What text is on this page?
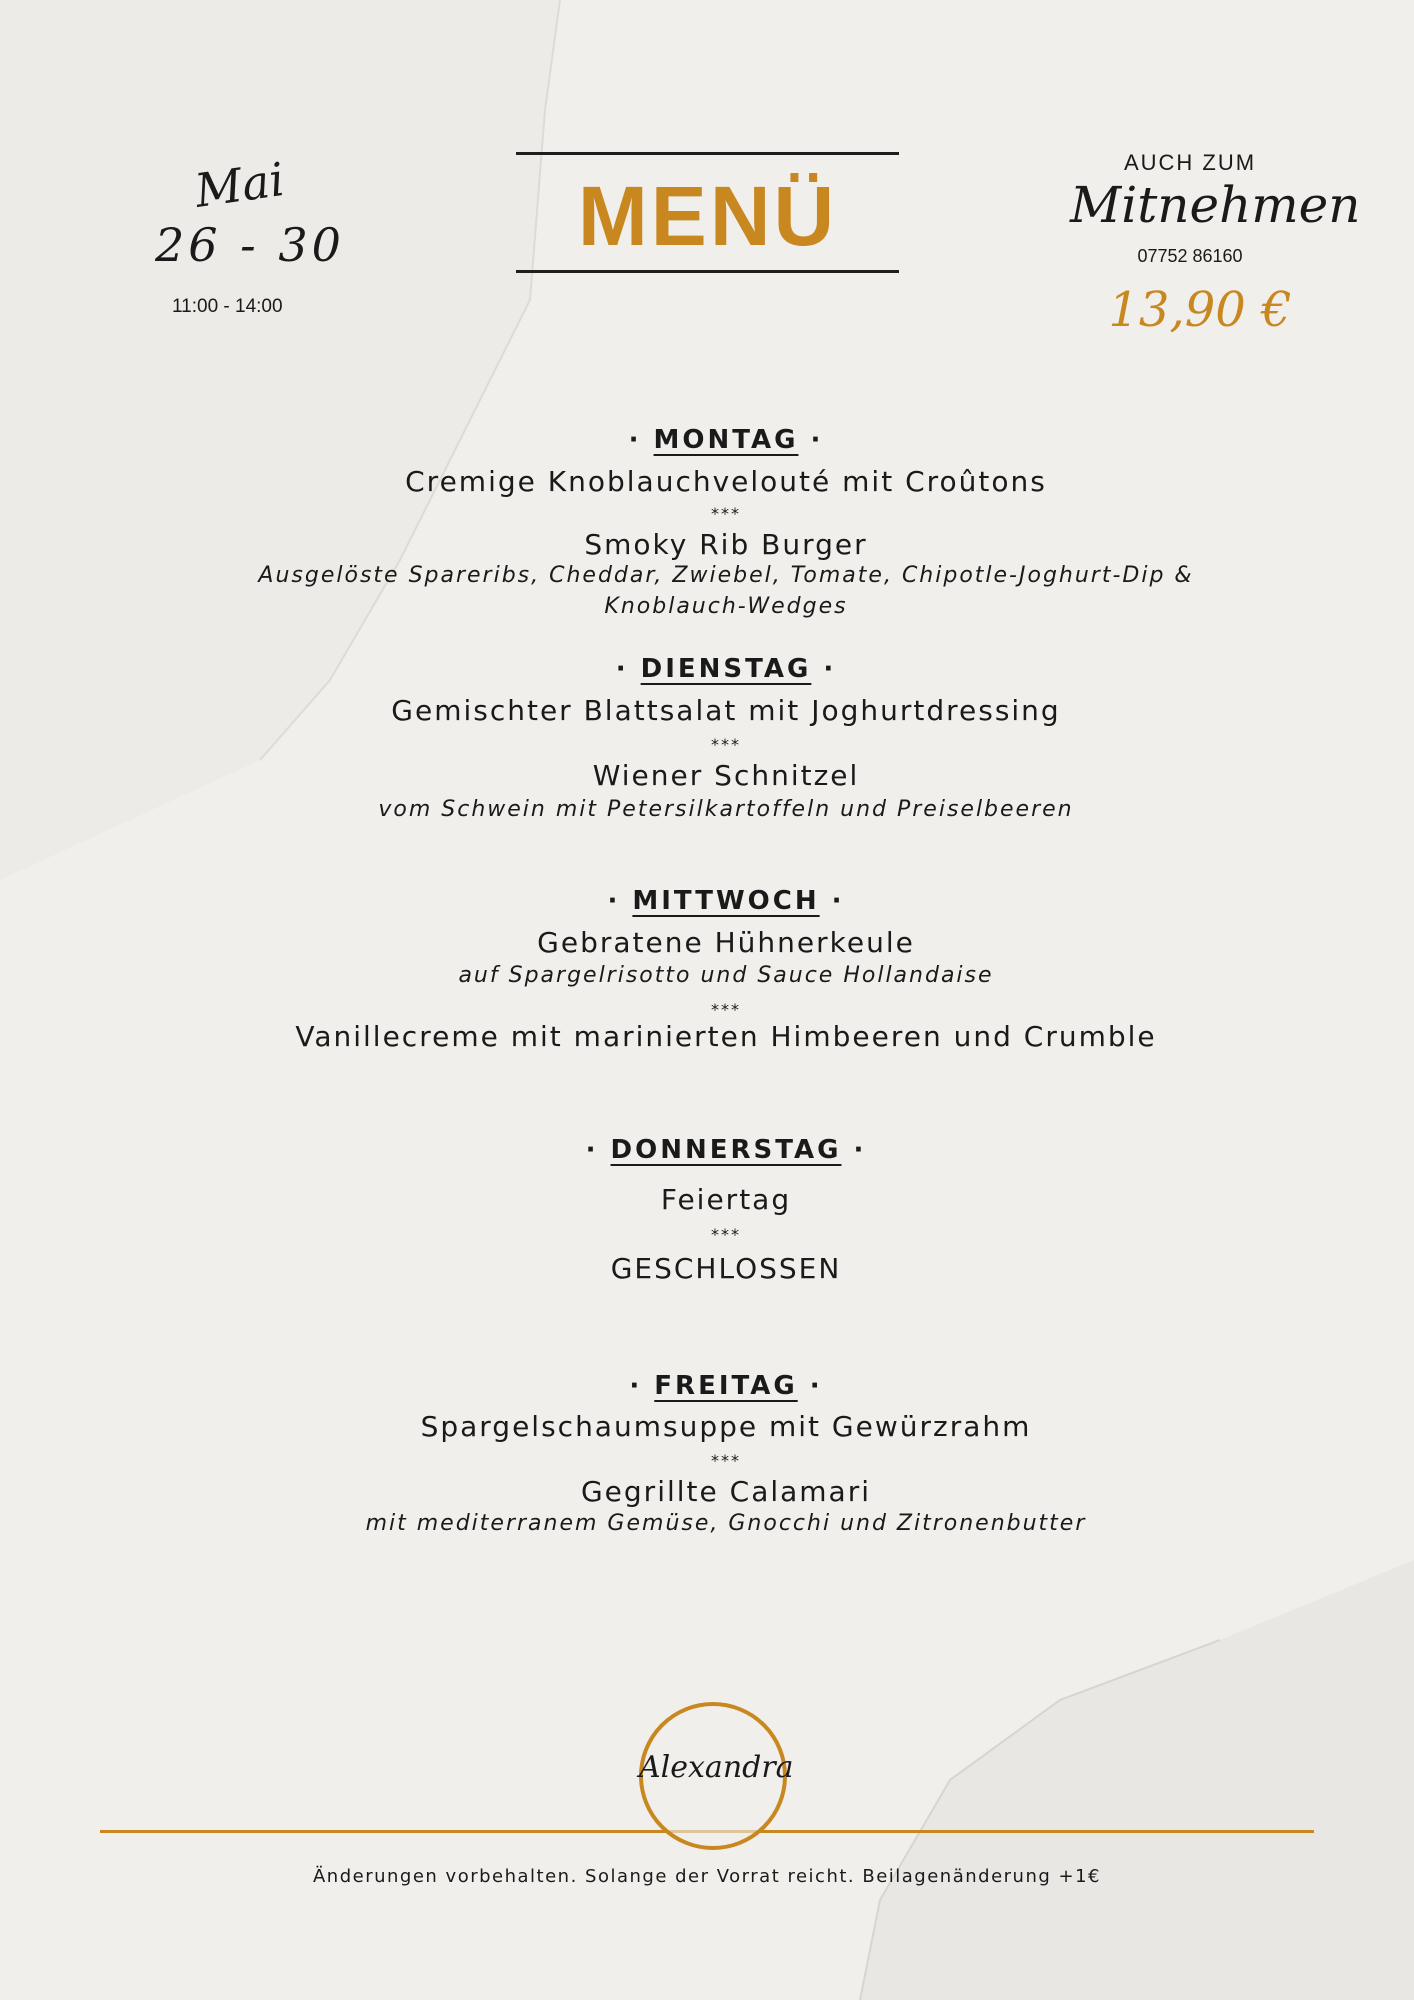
Mai
26 - 30
11:00 - 14:00
MENÜ
AUCH ZUM
Mitnehmen
07752 86160
13,90 €
· MONTAG ·
Cremige Knoblauchvelouté mit Croûtons
***
Smoky Rib Burger
Ausgelöste Spareribs, Cheddar, Zwiebel, Tomate, Chipotle-Joghurt-Dip &
Knoblauch-Wedges
· DIENSTAG ·
Gemischter Blattsalat mit Joghurtdressing
***
Wiener Schnitzel
vom Schwein mit Petersilkartoffeln und Preiselbeeren
· MITTWOCH ·
Gebratene Hühnerkeule
auf Spargelrisotto und Sauce Hollandaise
***
Vanillecreme mit marinierten Himbeeren und Crumble
· DONNERSTAG ·
Feiertag
***
GESCHLOSSEN
· FREITAG ·
Spargelschaumsuppe mit Gewürzrahm
***
Gegrillte Calamari
mit mediterranem Gemüse, Gnocchi und Zitronenbutter
Alexandra
Änderungen vorbehalten. Solange der Vorrat reicht. Beilagenänderung +1€
